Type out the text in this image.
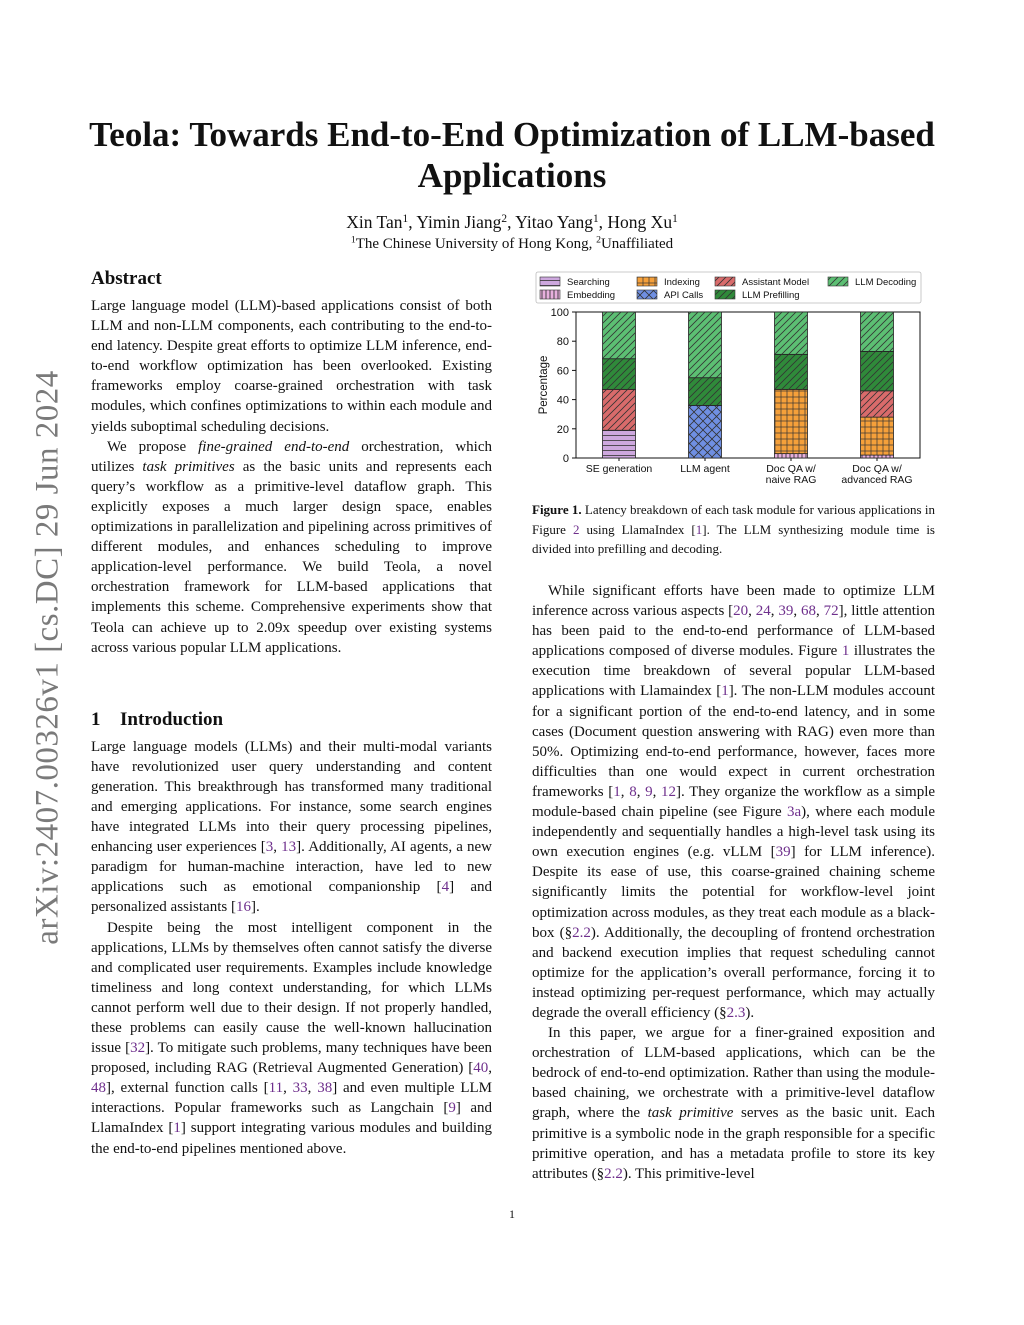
arXiv:2407.00326v1 [cs.DC] 29 Jun 2024
Teola: Towards End-to-End Optimization of LLM-based Applications
Xin Tan$^1$, Yimin Jiang$^2$, Yitao Yang$^1$, Hong Xu$^1$
$^1$The Chinese University of Hong Kong, $^2$Unaffiliated
Abstract

Large language model (LLM)-based applications consist of both LLM and non-LLM components, each contributing to the end-to-end latency. Despite great efforts to optimize LLM inference, end-to-end workflow optimization has been overlooked. Existing frameworks employ coarse-grained orchestration with task modules, which confines optimizations to within each module and yields suboptimal scheduling decisions.

We propose fine-grained end-to-end orchestration, which utilizes task primitives as the basic units and represents each query’s workflow as a primitive-level dataflow graph. This explicitly exposes a much larger design space, enables optimizations in parallelization and pipelining across primitives of different modules, and enhances scheduling to improve application-level performance. We build Teola, a novel orchestration framework for LLM-based applications that implements this scheme. Comprehensive experiments show that Teola can achieve up to 2.09x speedup over existing systems across various popular LLM applications.

1 Introduction

Large language models (LLMs) and their multi-modal variants have revolutionized user query understanding and content generation. This breakthrough has transformed many traditional and emerging applications. For instance, some search engines have integrated LLMs into their query processing pipelines, enhancing user experiences [3, 13]. Additionally, AI agents, a new paradigm for human-machine interaction, have led to new applications such as emotional companionship [4] and personalized assistants [16].

Despite being the most intelligent component in the applications, LLMs by themselves often cannot satisfy the diverse and complicated user requirements. Examples include knowledge timeliness and long context understanding, for which LLMs cannot perform well due to their design. If not properly handled, these problems can easily cause the well-known hallucination issue [32]. To mitigate such problems, many techniques have been proposed, including RAG (Retrieval Augmented Generation) [40, 48], external function calls [11, 33, 38] and even multiple LLM interactions. Popular frameworks such as Langchain [9] and LlamaIndex [1] support integrating various modules and building the end-to-end pipelines mentioned above.

Searching	Indexing	Assistant Model	LLM Decoding
Embedding	API Calls	LLM Prefilling
0
20
40
60
80
100
Percentage
SE generation	LLM agent	Doc QA w/
naive RAG
Doc QA w/
advanced RAG
Figure 1. Latency breakdown of each task module for various applications in Figure 2 using LlamaIndex [1]. The LLM synthesizing module time is divided into prefilling and decoding.

While significant efforts have been made to optimize LLM inference across various aspects [20, 24, 39, 68, 72], little attention has been paid to the end-to-end performance of LLM-based applications composed of diverse modules. Figure 1 illustrates the execution time breakdown of several popular LLM-based applications with Llamaindex [1]. The non-LLM modules account for a significant portion of the end-to-end latency, and in some cases (Document question answering with RAG) even more than 50%. Optimizing end-to-end performance, however, faces more difficulties than one would expect in current orchestration frameworks [1, 8, 9, 12]. They organize the workflow as a simple module-based chain pipeline (see Figure 3a), where each module independently and sequentially handles a high-level task using its own execution engines (e.g. vLLM [39] for LLM inference). Despite its ease of use, this coarse-grained chaining scheme significantly limits the potential for workflow-level joint optimization across modules, as they treat each module as a black-box (§2.2). Additionally, the decoupling of frontend orchestration and backend execution implies that request scheduling cannot optimize for the application’s overall performance, forcing it to instead optimizing per-request performance, which may actually degrade the overall efficiency (§2.3).

In this paper, we argue for a finer-grained exposition and orchestration of LLM-based applications, which can be the bedrock of end-to-end optimization. Rather than using the module-based chaining, we orchestrate with a primitive-level dataflow graph, where the task primitive serves as the basic unit. Each primitive is a symbolic node in the graph responsible for a specific primitive operation, and has a metadata profile to store its key attributes (§2.2). This primitive-level

1
